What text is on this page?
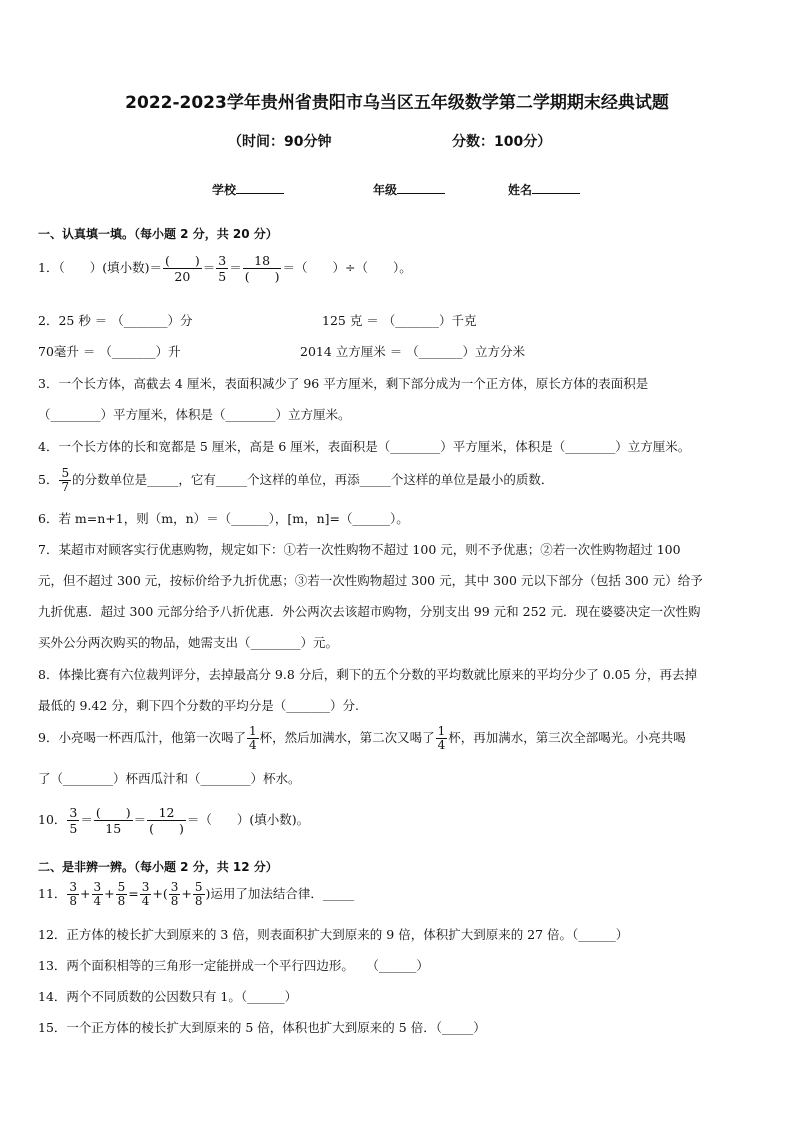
2022-2023学年贵州省贵阳市乌当区五年级数学第二学期期末经典试题
（时间：90分钟	分数：100分）
学校	年级	姓名
一、认真填一填。（每小题 2 分，共 20 分）
1．（　　）(填小数)＝ $\frac{( )}{20} = \frac{3}{5} = \frac{18}{( )}$ ＝（　　）÷（　　）。
2．25 秒 ＝ （_______）分	125 克 ＝ （_______）千克
70毫升 ＝ （_______）升	2014 立方厘米 ＝ （_______）立方分米
3．一个长方体，高截去 4 厘米，表面积减少了 96 平方厘米，剩下部分成为一个正方体，原长方体的表面积是
（________）平方厘米，体积是（________）立方厘米。
4．一个长方体的长和宽都是 5 厘米，高是 6 厘米，表面积是（________）平方厘米，体积是（________）立方厘米。
5． $\frac{5}{7}$ 的分数单位是_____，它有_____个这样的单位，再添_____个这样的单位是最小的质数．
6．若 m=n+1，则（m，n）＝（______），[m，n]=（______）。
7．某超市对顾客实行优惠购物，规定如下：①若一次性购物不超过 100 元，则不予优惠；②若一次性购物超过 100
元，但不超过 300 元，按标价给予九折优惠；③若一次性购物超过 300 元，其中 300 元以下部分（包括 300 元）给予
九折优惠．超过 300 元部分给予八折优惠．外公两次去该超市购物，分别支出 99 元和 252 元．现在婆婆决定一次性购
买外公分两次购买的物品，她需支出（________）元。
8．体操比赛有六位裁判评分，去掉最高分 9.8 分后，剩下的五个分数的平均数就比原来的平均分少了 0.05 分，再去掉
最低的 9.42 分，剩下四个分数的平均分是（_______）分.
9．小亮喝一杯西瓜汁，他第一次喝了 $\frac{1}{4}$ 杯，然后加满水，第二次又喝了 $\frac{1}{4}$ 杯，再加满水，第三次全部喝光。小亮共喝
了（________）杯西瓜汁和（________）杯水。
10． $\frac{3}{5} = \frac{( )}{15} = \frac{12}{( )}$ ＝（　　）(填小数)。
二、是非辨一辨。（每小题 2 分，共 12 分）
11． $\frac{3}{8} + \frac{3}{4} + \frac{5}{8} = \frac{3}{4}$ +( $\frac{3}{8} + \frac{5}{8}$ )运用了加法结合律．_____
12．正方体的棱长扩大到原来的 3 倍，则表面积扩大到原来的 9 倍，体积扩大到原来的 27 倍。（______）
13．两个面积相等的三角形一定能拼成一个平行四边形。　　（______）
14．两个不同质数的公因数只有 1。（______）
15．一个正方体的棱长扩大到原来的 5 倍，体积也扩大到原来的 5 倍．（_____）
